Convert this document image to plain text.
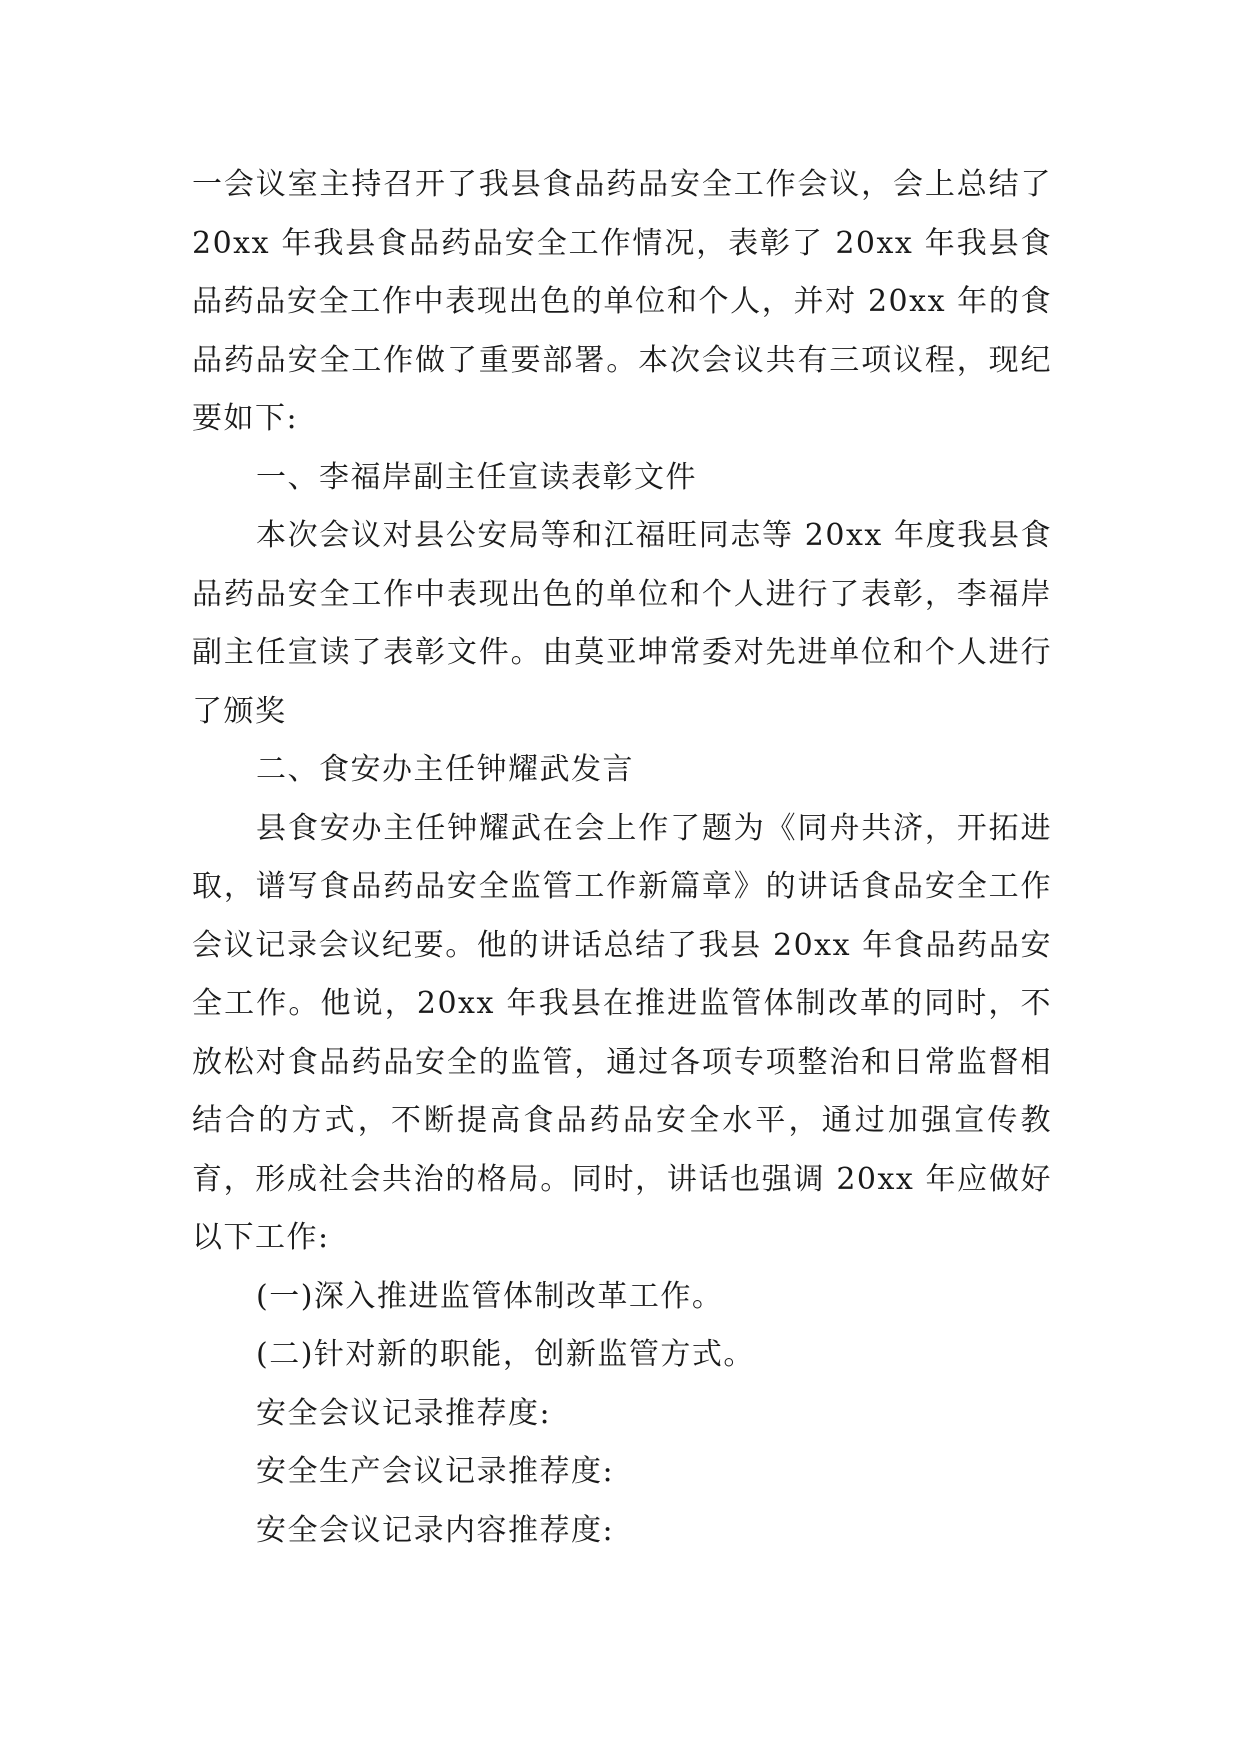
一会议室主持召开了我县食品药品安全工作会议，会上总结了 20xx 年我县食品药品安全工作情况，表彰了 20xx 年我县食品药品安全工作中表现出色的单位和个人，并对 20xx 年的食品药品安全工作做了重要部署。本次会议共有三项议程，现纪要如下:

一、李福岸副主任宣读表彰文件

本次会议对县公安局等和江福旺同志等 20xx 年度我县食品药品安全工作中表现出色的单位和个人进行了表彰，李福岸副主任宣读了表彰文件。由莫亚坤常委对先进单位和个人进行了颁奖

二、食安办主任钟耀武发言

县食安办主任钟耀武在会上作了题为《同舟共济，开拓进取，谱写食品药品安全监管工作新篇章》的讲话食品安全工作会议记录会议纪要。他的讲话总结了我县 20xx 年食品药品安全工作。他说，20xx 年我县在推进监管体制改革的同时，不放松对食品药品安全的监管，通过各项专项整治和日常监督相结合的方式，不断提高食品药品安全水平，通过加强宣传教育，形成社会共治的格局。同时，讲话也强调 20xx 年应做好以下工作:

(一)深入推进监管体制改革工作。

(二)针对新的职能，创新监管方式。

安全会议记录推荐度:

安全生产会议记录推荐度:

安全会议记录内容推荐度:
